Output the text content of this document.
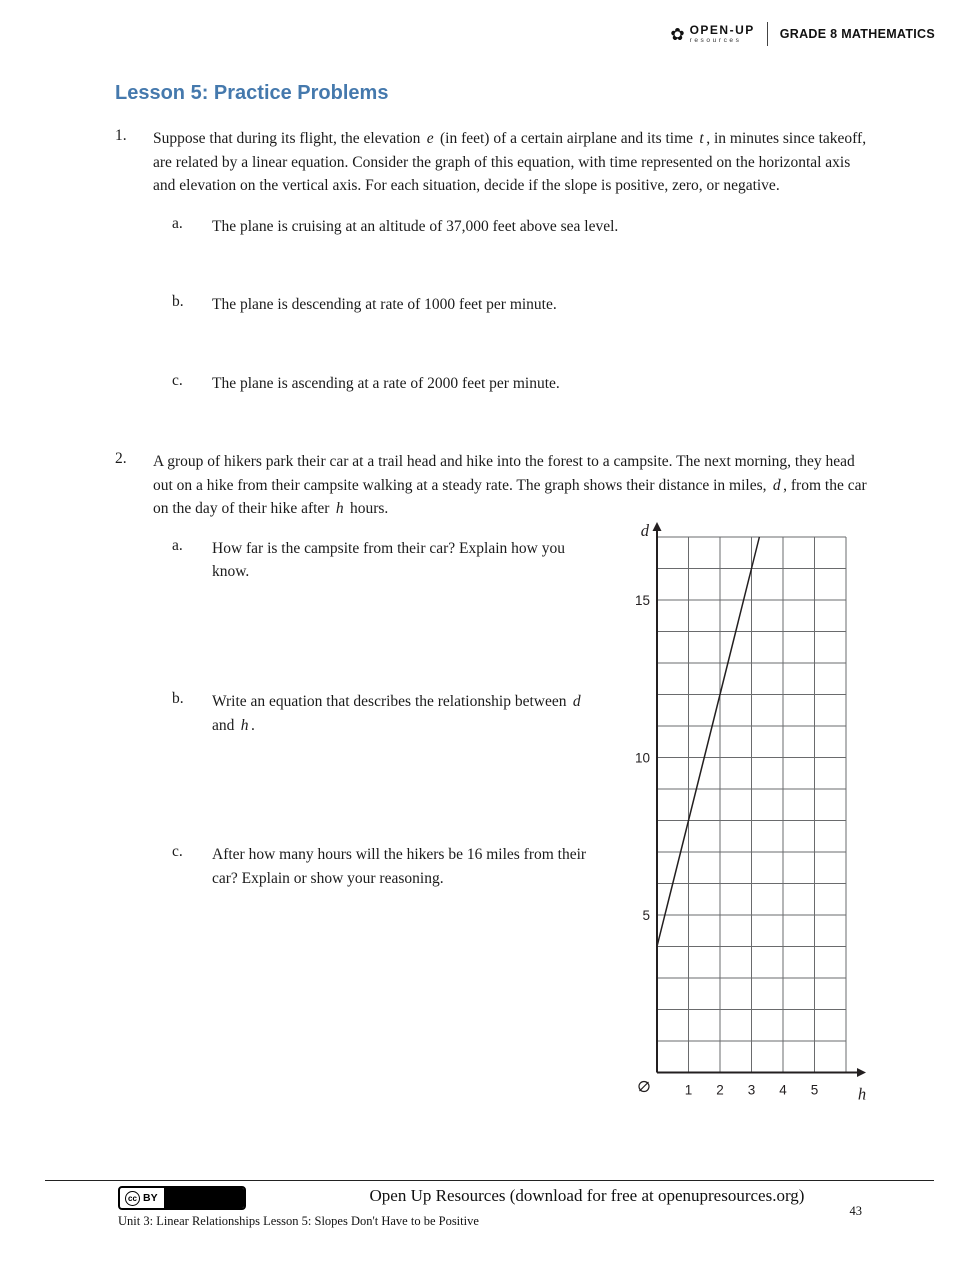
✿ OPEN-UP
resources	GRADE 8 MATHEMATICS
Lesson 5: Practice Problems
1.	Suppose that during its flight, the elevation e (in feet) of a certain airplane and its time t , in minutes since takeoff, are related by a linear equation. Consider the graph of this equation, with time represented on the horizontal axis and elevation on the vertical axis. For each situation, decide if the slope is positive, zero, or negative.

a.	The plane is cruising at an altitude of 37,000 feet above sea level.

b.	The plane is descending at rate of 1000 feet per minute.

c.	The plane is ascending at a rate of 2000 feet per minute.

2.	A group of hikers park their car at a trail head and hike into the forest to a campsite. The next morning, they head out on a hike from their campsite walking at a steady rate. The graph shows their distance in miles, d , from the car on the day of their hike after h hours.

a.	How far is the campsite from their car? Explain how you know.

b.	Write an equation that describes the relationship between d and h .

c.	After how many hours will the hikers be 16 miles from their car? Explain or show your reasoning.

1 2 3 4 5
5
10
15
d
h
cc BY	Open Up Resources (download for free at openupresources.org)
Unit 3: Linear Relationships Lesson 5: Slopes Don't Have to be Positive
43
